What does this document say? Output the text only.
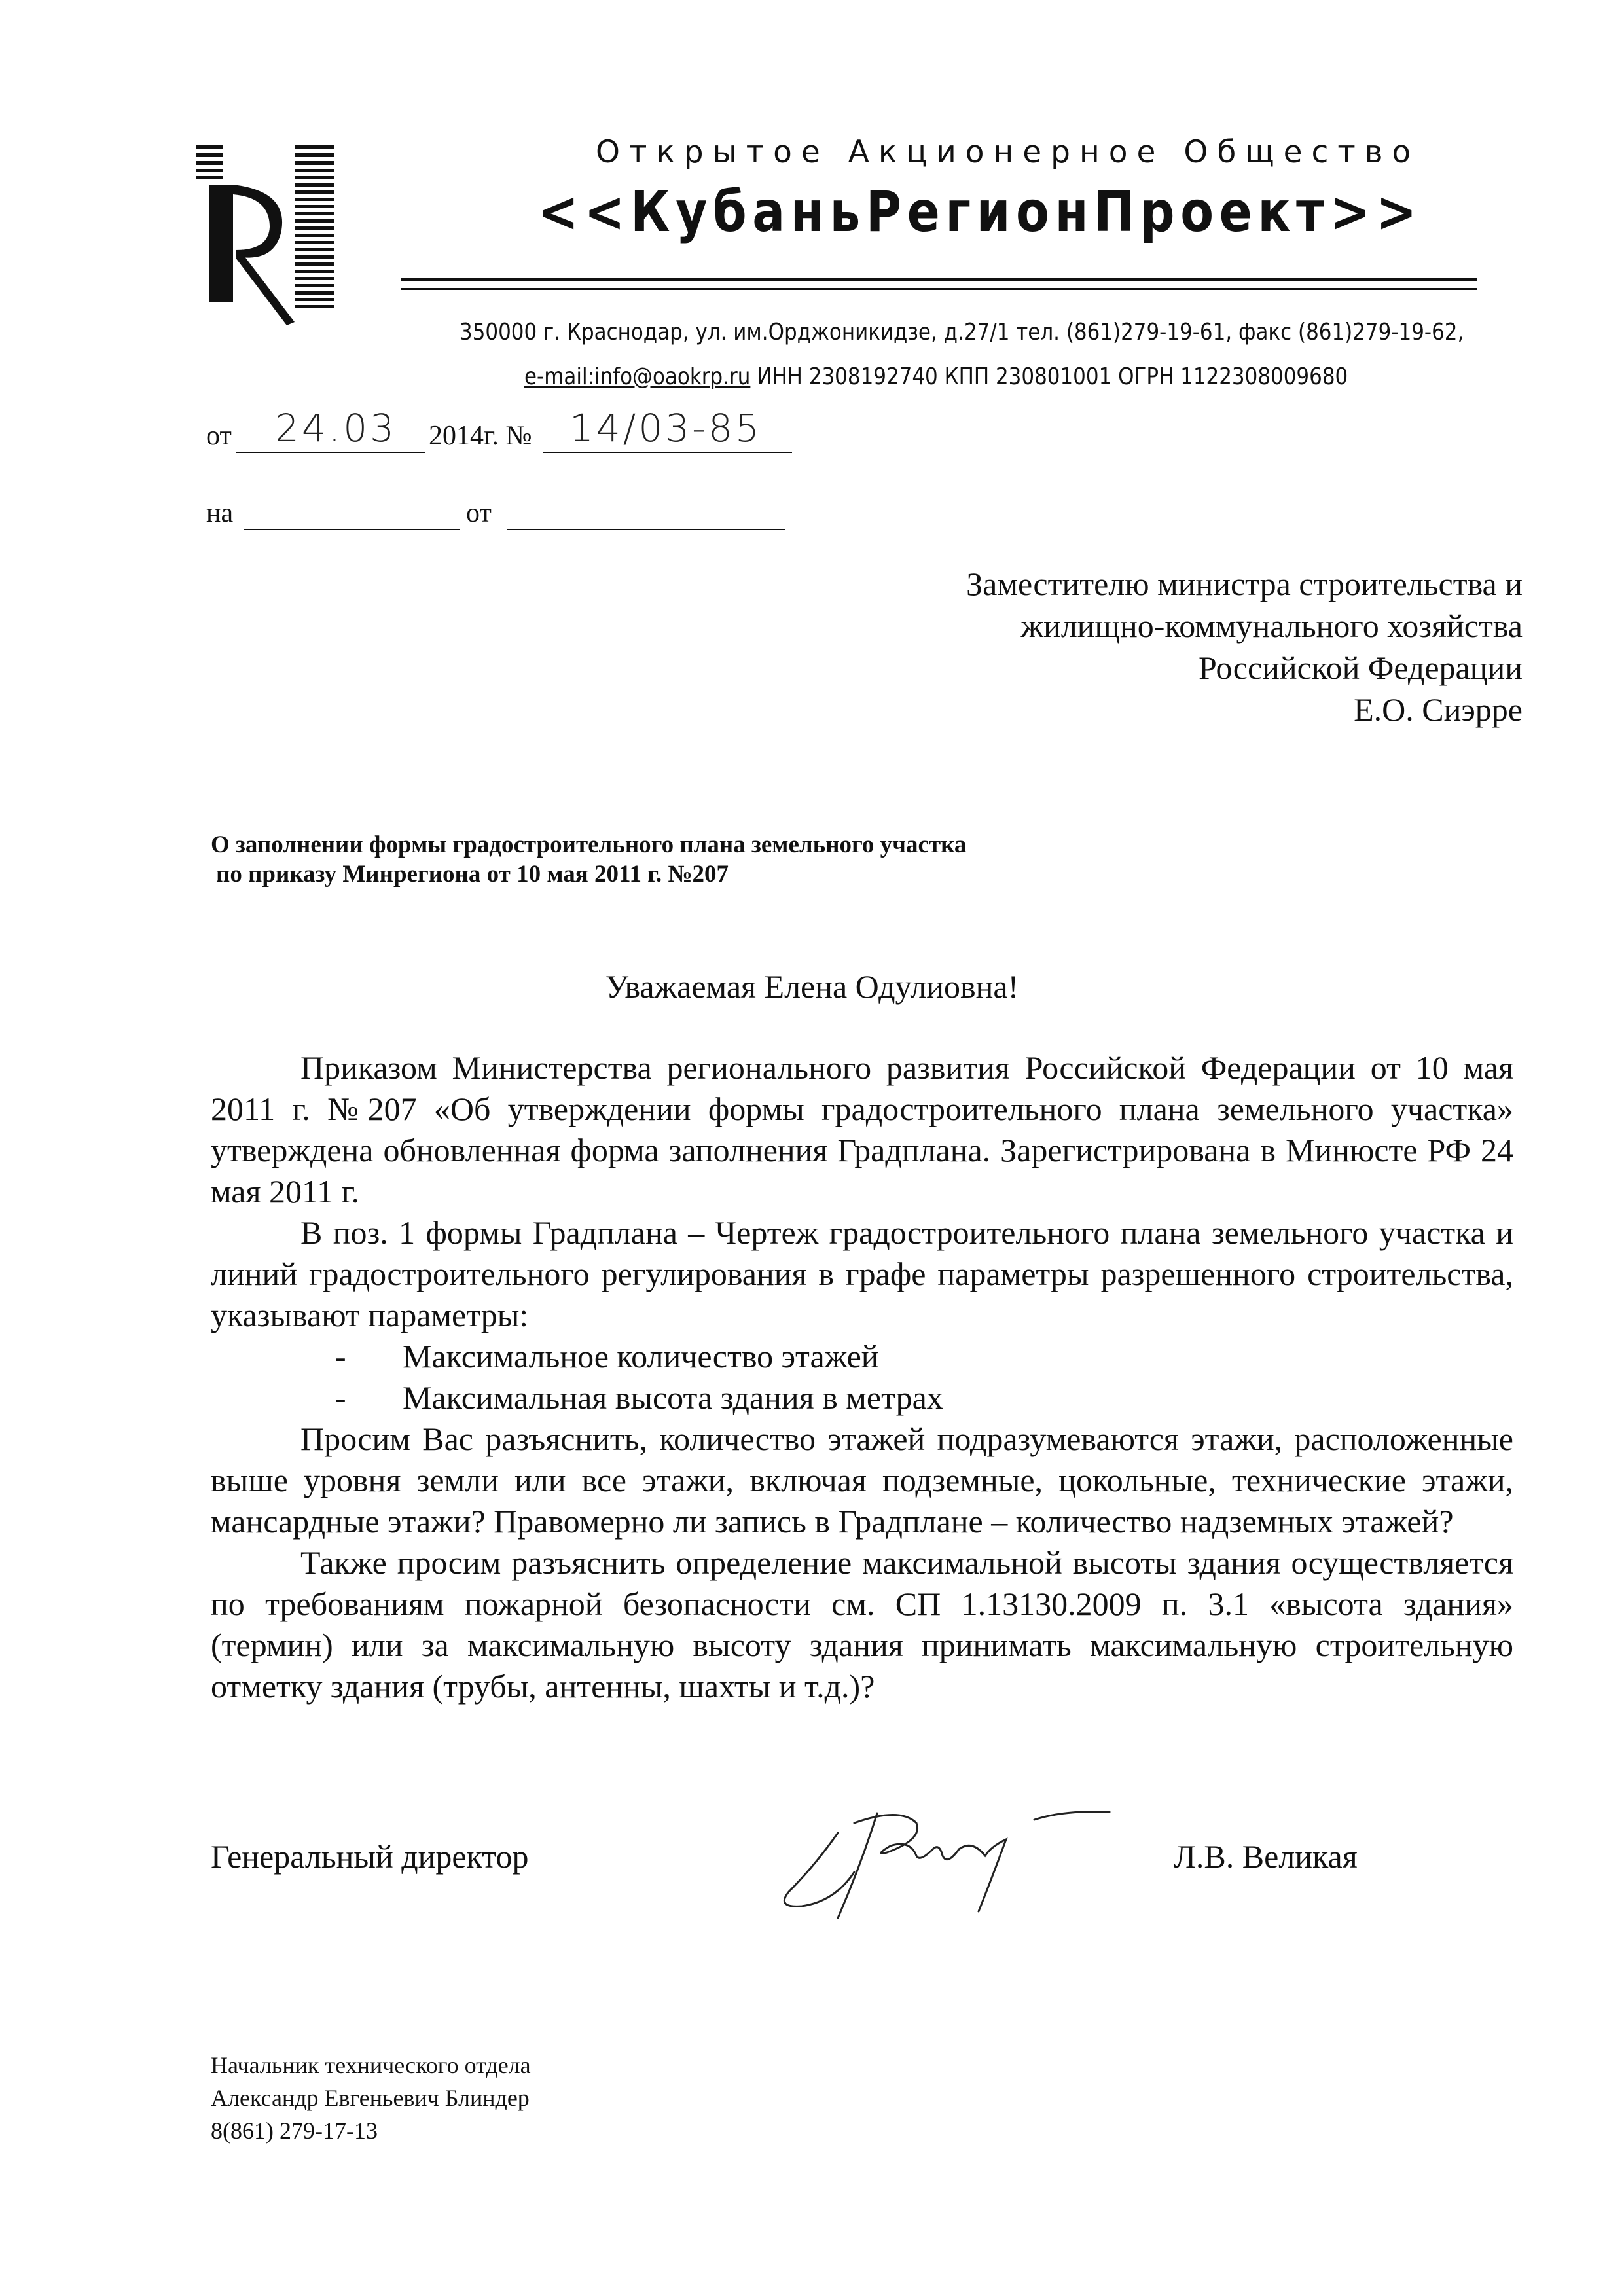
Открытое Акционерное Общество
<<КубаньРегионПроект>>
350000 г. Краснодар, ул. им.Орджоникидзе, д.27/1 тел. (861)279-19-61, факс (861)279-19-62,
e-mail:info@oaokrp.ru ИНН 2308192740 КПП 230801001 ОГРН 1122308009680
от 24.03 2014г. № 14/03-85
на	от
Заместителю министра строительства и
жилищно-коммунального хозяйства
Российской Федерации
Е.О. Сиэрре
О заполнении формы градостроительного плана земельного участка
по приказу Минрегиона от 10 мая 2011 г. №207
Уважаемая Елена Одулиовна!

Приказом Министерства регионального развития Российской Федерации от 10 мая 2011 г. №207 «Об утверждении формы градостроительного плана земельного участка» утверждена обновленная форма заполнения Градплана. Зарегистрирована в Минюсте РФ 24 мая 2011 г.

В поз. 1 формы Градплана – Чертеж градостроительного плана земельного участка и линий градостроительного регулирования в графе параметры разрешенного строительства, указывают параметры:

- Максимальное количество этажей

- Максимальная высота здания в метрах

Просим Вас разъяснить, количество этажей подразумеваются этажи, расположенные выше уровня земли или все этажи, включая подземные, цокольные, технические этажи, мансардные этажи? Правомерно ли запись в Градплане – количество надземных этажей?

Также просим разъяснить определение максимальной высоты здания осуществляется по требованиям пожарной безопасности см. СП 1.13130.2009 п. 3.1 «высота здания» (термин) или за максимальную высоту здания принимать максимальную строительную отметку здания (трубы, антенны, шахты и т.д.)?

Генеральный директор	Л.В. Великая
Начальник технического отдела
Александр Евгеньевич Блиндер
8(861) 279-17-13
